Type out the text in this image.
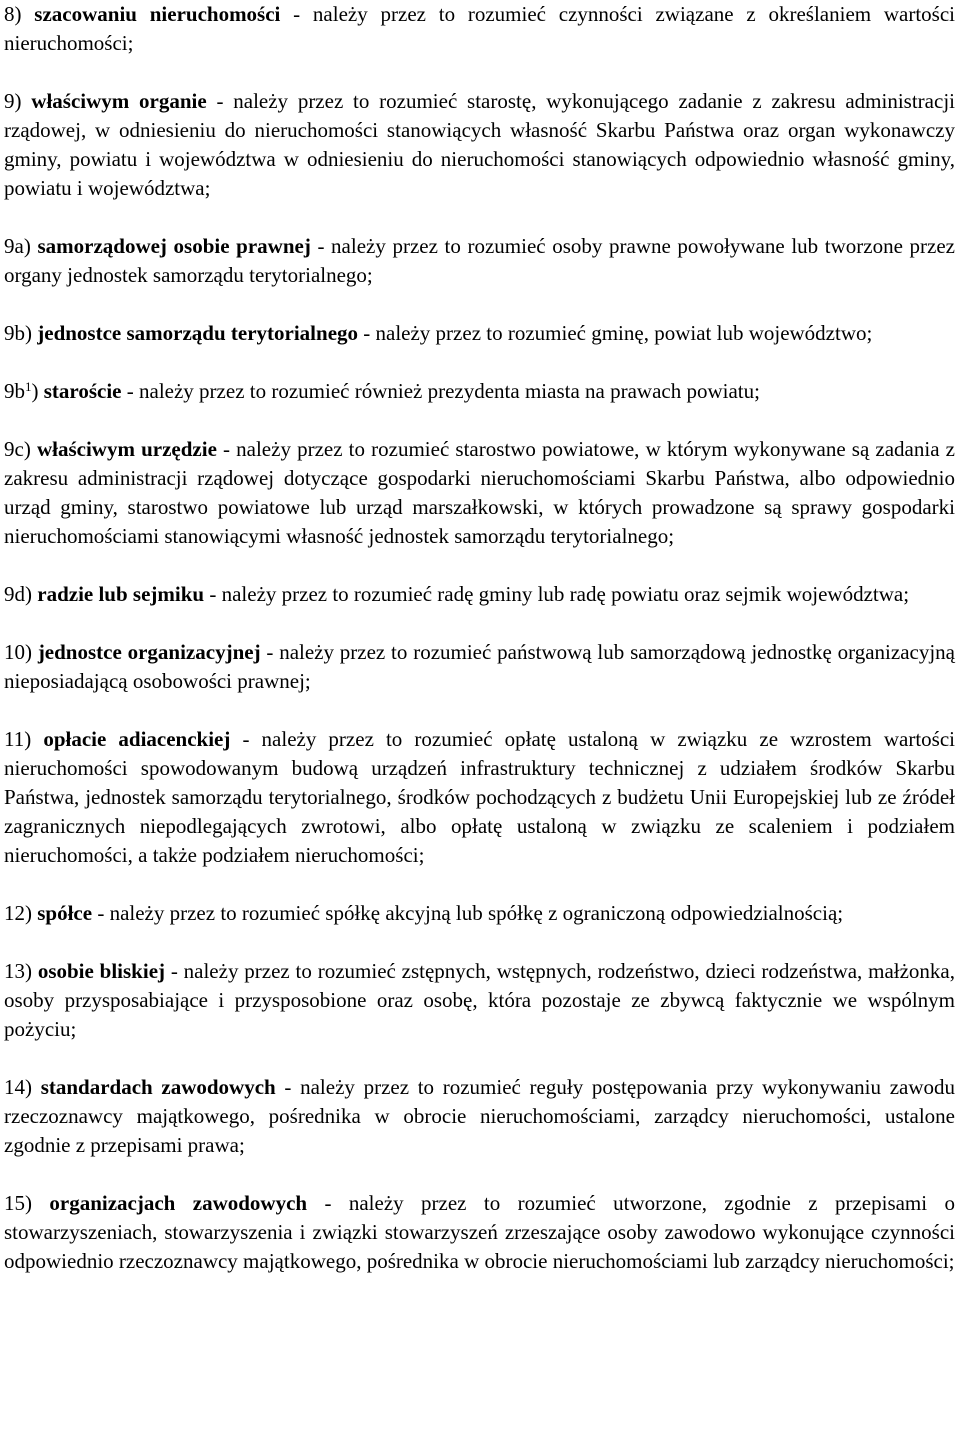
8) szacowaniu nieruchomości - należy przez to rozumieć czynności związane z określaniem wartości nieruchomości;

9) właściwym organie - należy przez to rozumieć starostę, wykonującego zadanie z zakresu administracji rządowej, w odniesieniu do nieruchomości stanowiących własność Skarbu Państwa oraz organ wykonawczy gminy, powiatu i województwa w odniesieniu do nieruchomości stanowiących odpowiednio własność gminy, powiatu i województwa;

9a) samorządowej osobie prawnej - należy przez to rozumieć osoby prawne powoływane lub tworzone przez organy jednostek samorządu terytorialnego;

9b) jednostce samorządu terytorialnego - należy przez to rozumieć gminę, powiat lub województwo;

$9b^1$) staroście - należy przez to rozumieć również prezydenta miasta na prawach powiatu;

9c) właściwym urzędzie - należy przez to rozumieć starostwo powiatowe, w którym wykonywane są zadania z zakresu administracji rządowej dotyczące gospodarki nieruchomościami Skarbu Państwa, albo odpowiednio urząd gminy, starostwo powiatowe lub urząd marszałkowski, w których prowadzone są sprawy gospodarki nieruchomościami stanowiącymi własność jednostek samorządu terytorialnego;

9d) radzie lub sejmiku - należy przez to rozumieć radę gminy lub radę powiatu oraz sejmik województwa;

10) jednostce organizacyjnej - należy przez to rozumieć państwową lub samorządową jednostkę organizacyjną nieposiadającą osobowości prawnej;

11) opłacie adiacenckiej - należy przez to rozumieć opłatę ustaloną w związku ze wzrostem wartości nieruchomości spowodowanym budową urządzeń infrastruktury technicznej z udziałem środków Skarbu Państwa, jednostek samorządu terytorialnego, środków pochodzących z budżetu Unii Europejskiej lub ze źródeł zagranicznych niepodlegających zwrotowi, albo opłatę ustaloną w związku ze scaleniem i podziałem nieruchomości, a także podziałem nieruchomości;

12) spółce - należy przez to rozumieć spółkę akcyjną lub spółkę z ograniczoną odpowiedzialnością;

13) osobie bliskiej - należy przez to rozumieć zstępnych, wstępnych, rodzeństwo, dzieci rodzeństwa, małżonka, osoby przysposabiające i przysposobione oraz osobę, która pozostaje ze zbywcą faktycznie we wspólnym pożyciu;

14) standardach zawodowych - należy przez to rozumieć reguły postępowania przy wykonywaniu zawodu rzeczoznawcy majątkowego, pośrednika w obrocie nieruchomościami, zarządcy nieruchomości, ustalone zgodnie z przepisami prawa;

15) organizacjach zawodowych - należy przez to rozumieć utworzone, zgodnie z przepisami o stowarzyszeniach, stowarzyszenia i związki stowarzyszeń zrzeszające osoby zawodowo wykonujące czynności odpowiednio rzeczoznawcy majątkowego, pośrednika w obrocie nieruchomościami lub zarządcy nieruchomości;
